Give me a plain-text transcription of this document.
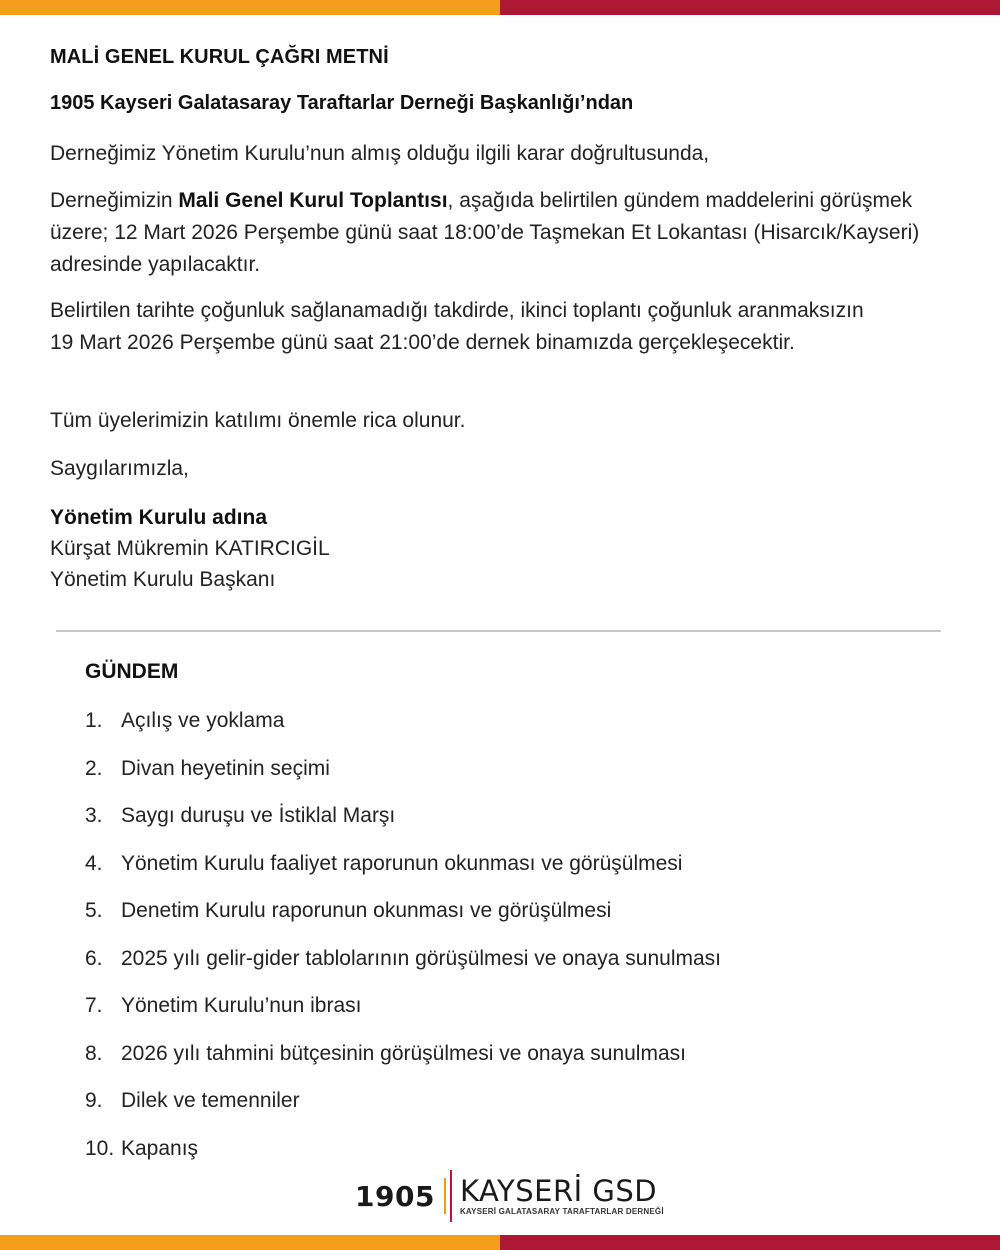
MALİ GENEL KURUL ÇAĞRI METNİ
1905 Kayseri Galatasaray Taraftarlar Derneği Başkanlığı’ndan

Derneğimiz Yönetim Kurulu’nun almış olduğu ilgili karar doğrultusunda,

Derneğimizin Mali Genel Kurul Toplantısı, aşağıda belirtilen gündem maddelerini görüşmek üzere; 12 Mart 2026 Perşembe günü saat 18:00’de Taşmekan Et Lokantası (Hisarcık/Kayseri) adresinde yapılacaktır.

Belirtilen tarihte çoğunluk sağlanamadığı takdirde, ikinci toplantı çoğunluk aranmaksızın 19 Mart 2026 Perşembe günü saat 21:00’de dernek binamızda gerçekleşecektir.

Tüm üyelerimizin katılımı önemle rica olunur.

Saygılarımızla,

Yönetim Kurulu adına
Kürşat Mükremin KATIRCIGİL
Yönetim Kurulu Başkanı
GÜNDEM
1. Açılış ve yoklama
2. Divan heyetinin seçimi
3. Saygı duruşu ve İstiklal Marşı
4. Yönetim Kurulu faaliyet raporunun okunması ve görüşülmesi
5. Denetim Kurulu raporunun okunması ve görüşülmesi
6. 2025 yılı gelir-gider tablolarının görüşülmesi ve onaya sunulması
7. Yönetim Kurulu’nun ibrası
8. 2026 yılı tahmini bütçesinin görüşülmesi ve onaya sunulması
9. Dilek ve temenniler
10. Kapanış
1905 KAYSERİ GSD
KAYSERİ GALATASARAY TARAFTARLAR DERNEĞİ
